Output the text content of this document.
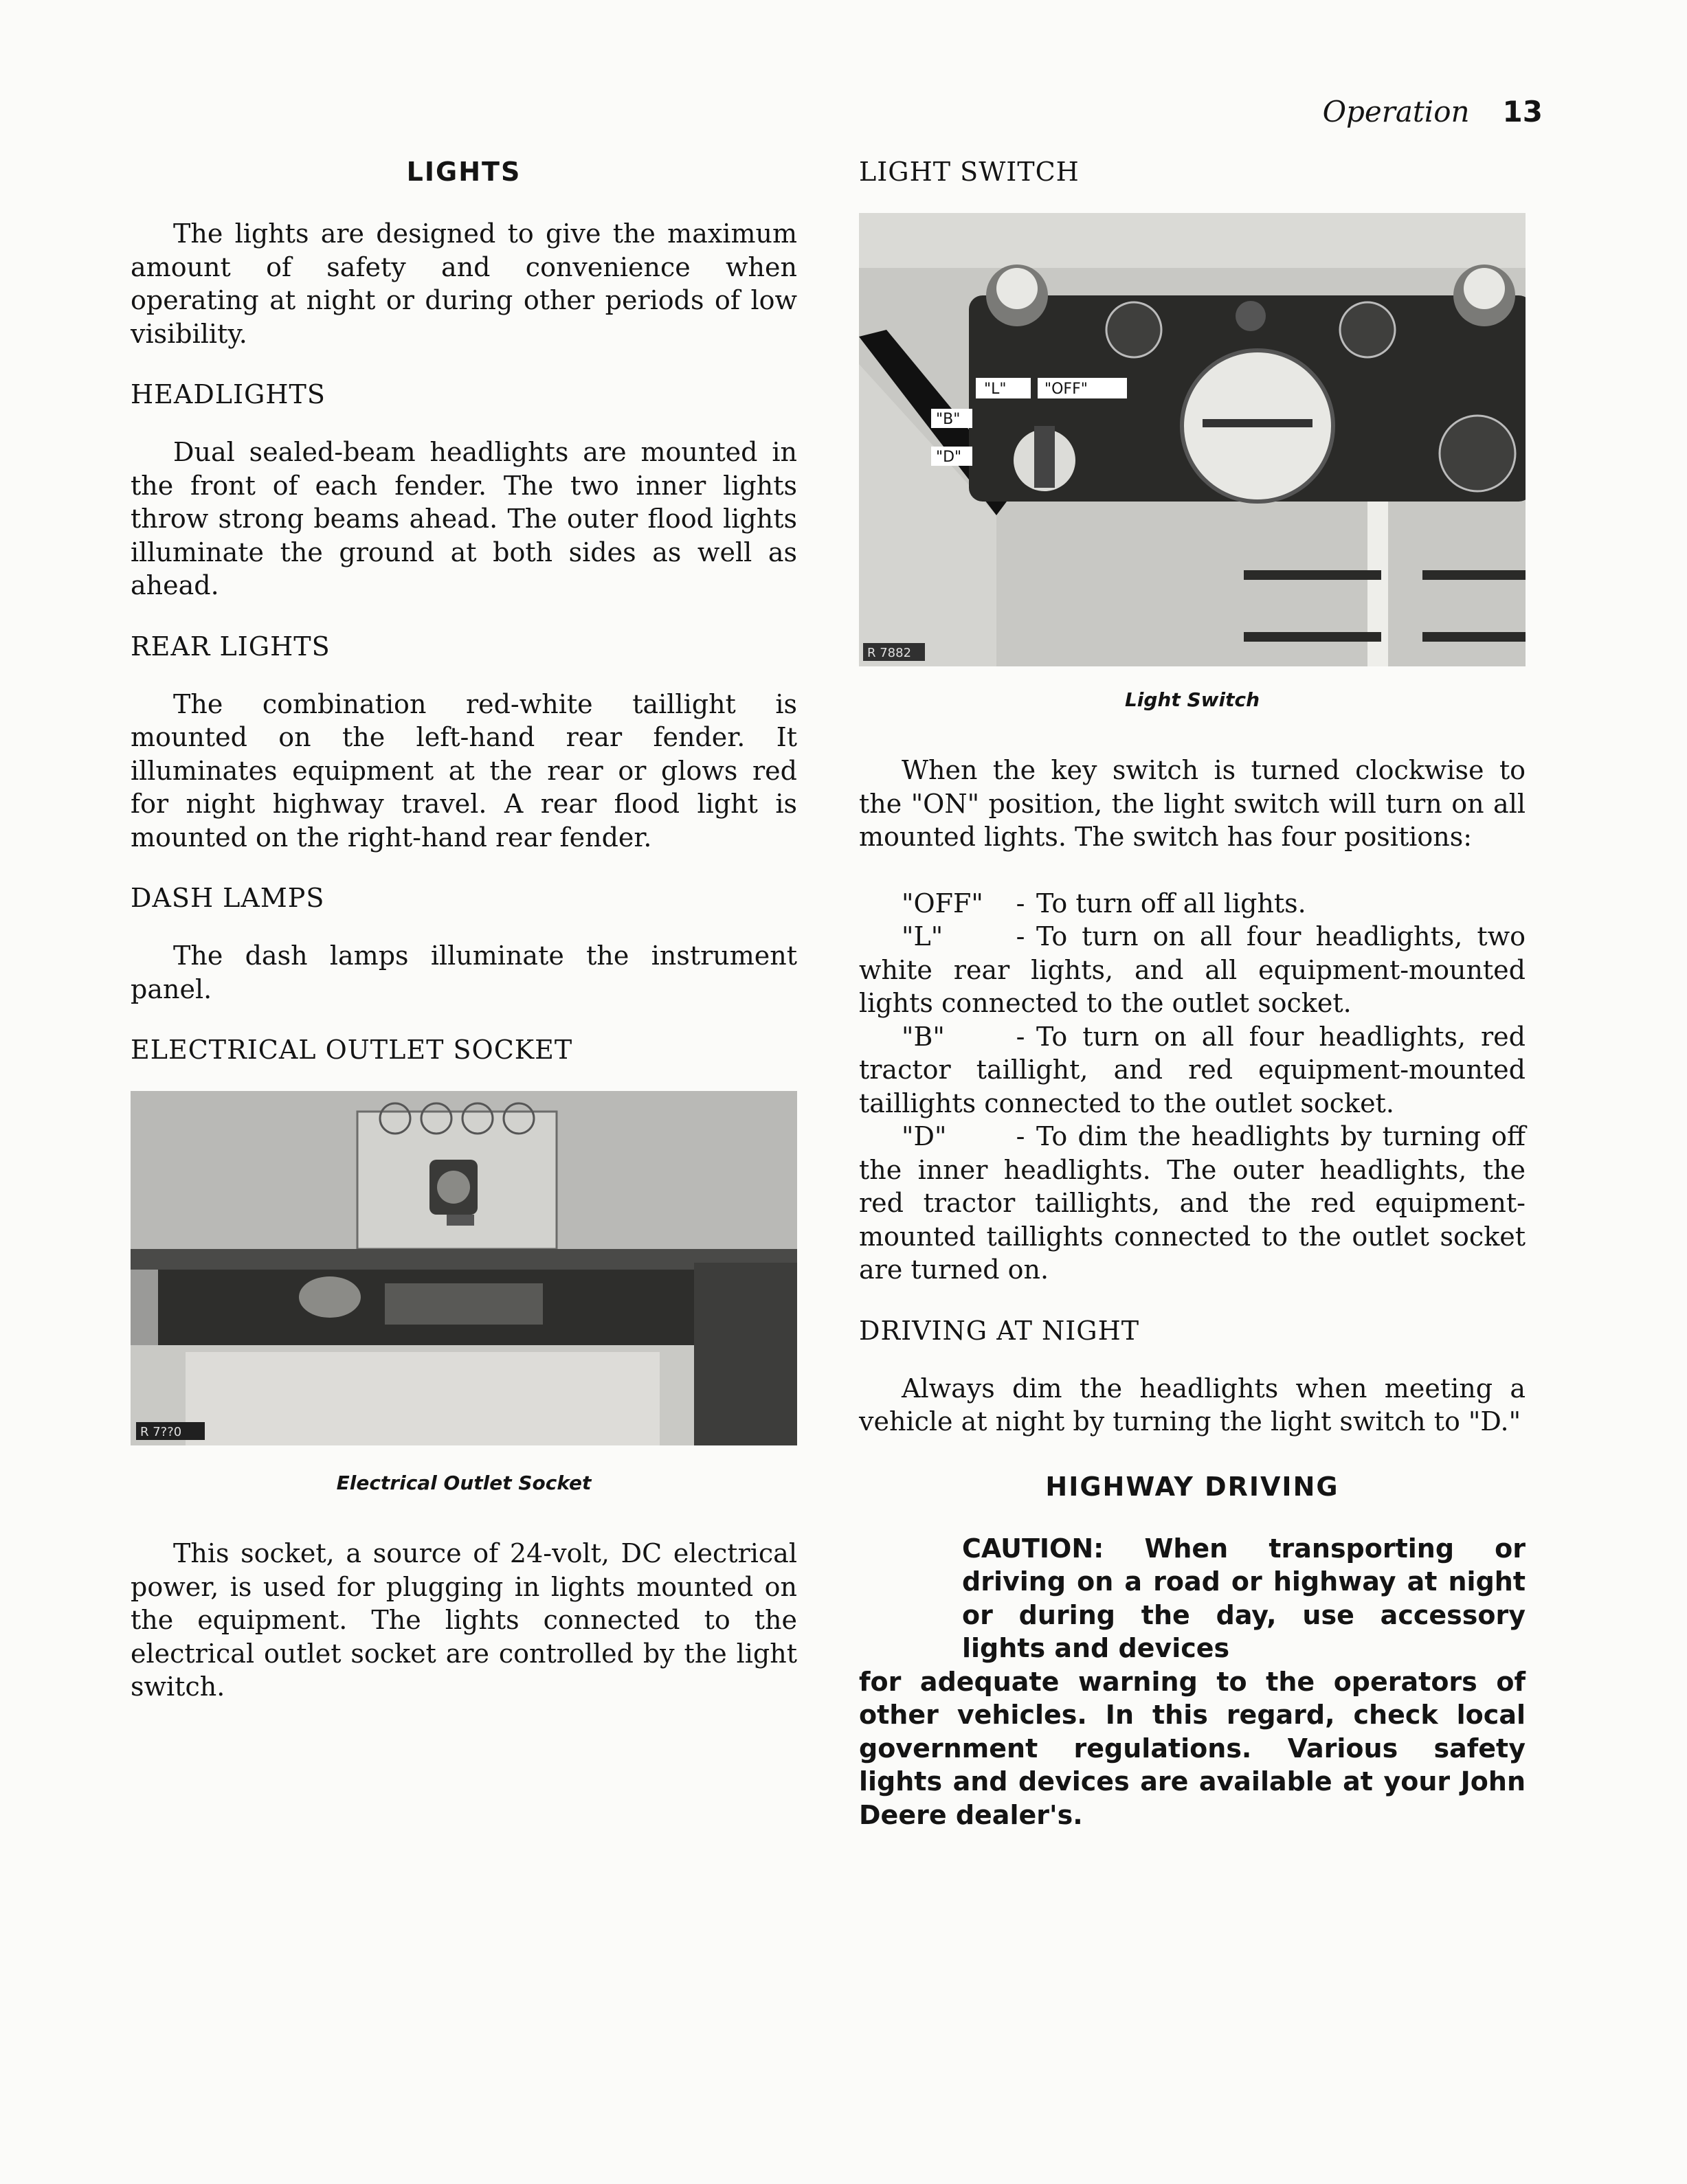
Operation 13
LIGHTS

The lights are designed to give the maximum amount of safety and convenience when operating at night or during other periods of low visibility.

HEADLIGHTS

Dual sealed-beam headlights are mounted in the front of each fender. The two inner lights throw strong beams ahead. The outer flood lights illuminate the ground at both sides as well as ahead.

REAR LIGHTS

The combination red-white taillight is mounted on the left-hand rear fender. It illuminates equipment at the rear or glows red for night highway travel. A rear flood light is mounted on the right-hand rear fender.

DASH LAMPS

The dash lamps illuminate the instrument panel.

ELECTRICAL OUTLET SOCKET
R 7??0
Electrical Outlet Socket

This socket, a source of 24-volt, DC electrical power, is used for plugging in lights mounted on the equipment. The lights connected to the electrical outlet socket are controlled by the light switch.

LIGHT SWITCH
"L"	"OFF"
"B"
"D"
R 7882
Light Switch

When the key switch is turned clockwise to the "ON" position, the light switch will turn on all mounted lights. The switch has four positions:

"OFF" - To turn off all lights.
"L"	- To turn on all four headlights, two white rear lights, and all equipment-mounted lights connected to the outlet socket.
"B"	- To turn on all four headlights, red tractor taillight, and red equipment-mounted taillights connected to the outlet socket.
"D"	- To dim the headlights by turning off the inner headlights. The outer headlights, the red tractor taillights, and the red equipment-mounted taillights connected to the outlet socket are turned on.
DRIVING AT NIGHT

Always dim the headlights when meeting a vehicle at night by turning the light switch to "D."

HIGHWAY DRIVING
CAUTION: When transporting or driving on a road or highway at night or during the day, use accessory lights and devices
for adequate warning to the operators of other vehicles. In this regard, check local government regulations. Various safety lights and devices are available at your John Deere dealer's.
